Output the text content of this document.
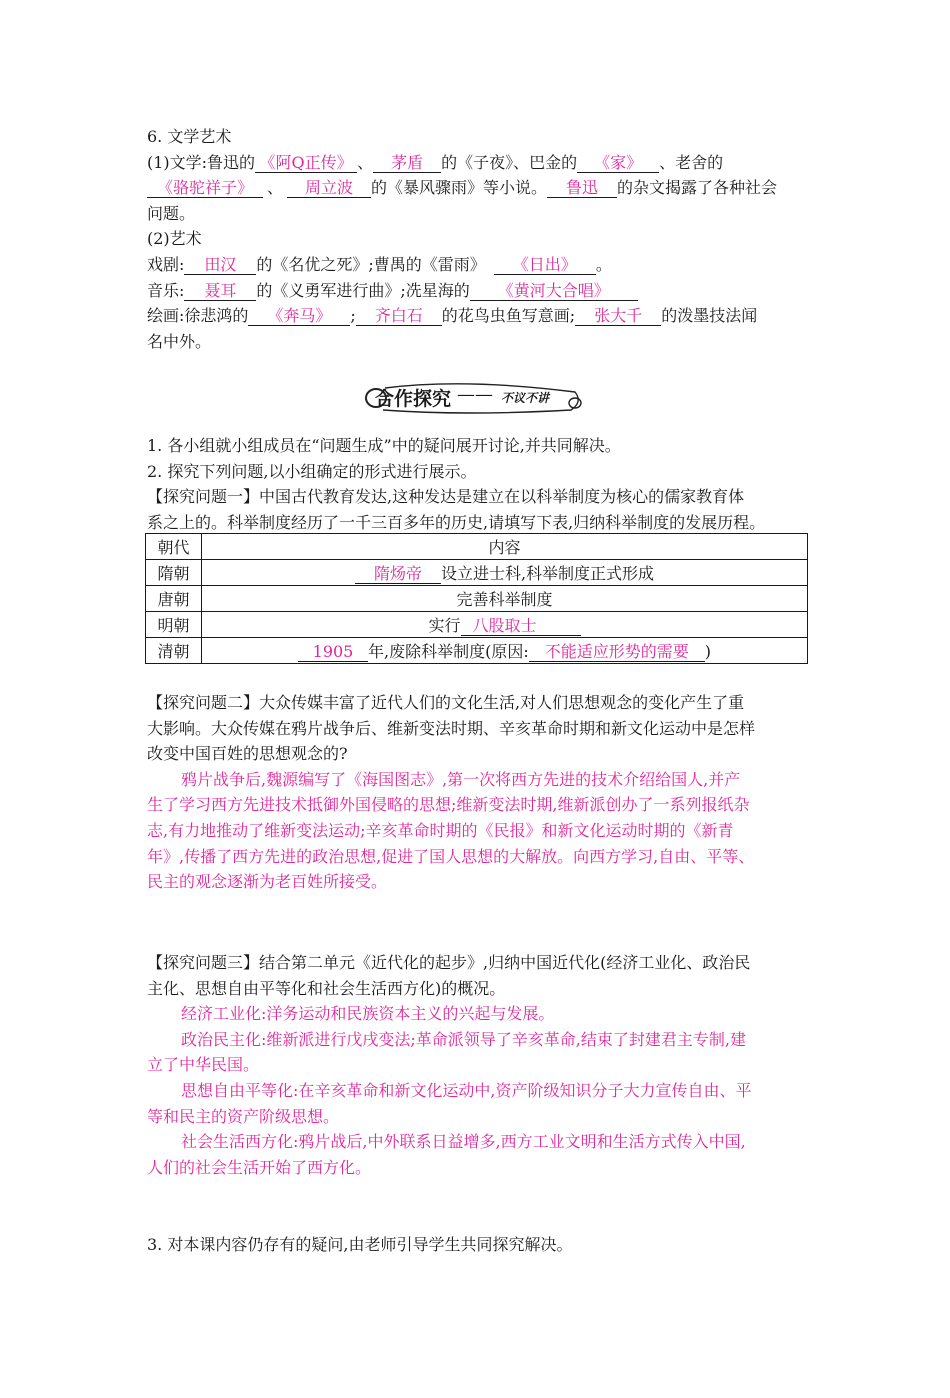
6. 文学艺术
(1)文学:鲁迅的 《阿Q正传》 、 茅盾 的《子夜》、巴金的 《家》 、老舍的
《骆驼祥子》 、 周立波 的《暴风骤雨》等小说。 鲁迅 的杂文揭露了各种社会
问题。
(2)艺术
戏剧: 田汉 的《名优之死》;曹禺的《雷雨》 《日出》 。
音乐: 聂耳 的《义勇军进行曲》;冼星海的 《黄河大合唱》
绘画:徐悲鸿的 《奔马》 ; 齐白石 的花鸟虫鱼写意画; 张大千 的泼墨技法闻
名中外。
合作探究 —— 不议不讲
1. 各小组就小组成员在“问题生成”中的疑问展开讨论,并共同解决。
2. 探究下列问题,以小组确定的形式进行展示。
【探究问题一】中国古代教育发达,这种发达是建立在以科举制度为核心的儒家教育体
系之上的。科举制度经历了一千三百多年的历史,请填写下表,归纳科举制度的发展历程。
朝代	内容
隋朝	隋炀帝 设立进士科,科举制度正式形成
唐朝	完善科举制度
明朝	实行 八股取士
清朝	1905 年,废除科举制度(原因: 不能适应形势的需要 )
【探究问题二】大众传媒丰富了近代人们的文化生活,对人们思想观念的变化产生了重
大影响。大众传媒在鸦片战争后、维新变法时期、辛亥革命时期和新文化运动中是怎样
改变中国百姓的思想观念的?
鸦片战争后,魏源编写了《海国图志》,第一次将西方先进的技术介绍给国人,并产
生了学习西方先进技术抵御外国侵略的思想;维新变法时期,维新派创办了一系列报纸杂
志,有力地推动了维新变法运动;辛亥革命时期的《民报》和新文化运动时期的《新青
年》,传播了西方先进的政治思想,促进了国人思想的大解放。向西方学习,自由、平等、
民主的观念逐渐为老百姓所接受。
【探究问题三】结合第二单元《近代化的起步》,归纳中国近代化(经济工业化、政治民
主化、思想自由平等化和社会生活西方化)的概况。
经济工业化:洋务运动和民族资本主义的兴起与发展。
政治民主化:维新派进行戊戌变法;革命派领导了辛亥革命,结束了封建君主专制,建
立了中华民国。
思想自由平等化:在辛亥革命和新文化运动中,资产阶级知识分子大力宣传自由、平
等和民主的资产阶级思想。
社会生活西方化:鸦片战后,中外联系日益增多,西方工业文明和生活方式传入中国,
人们的社会生活开始了西方化。
3. 对本课内容仍存有的疑问,由老师引导学生共同探究解决。
